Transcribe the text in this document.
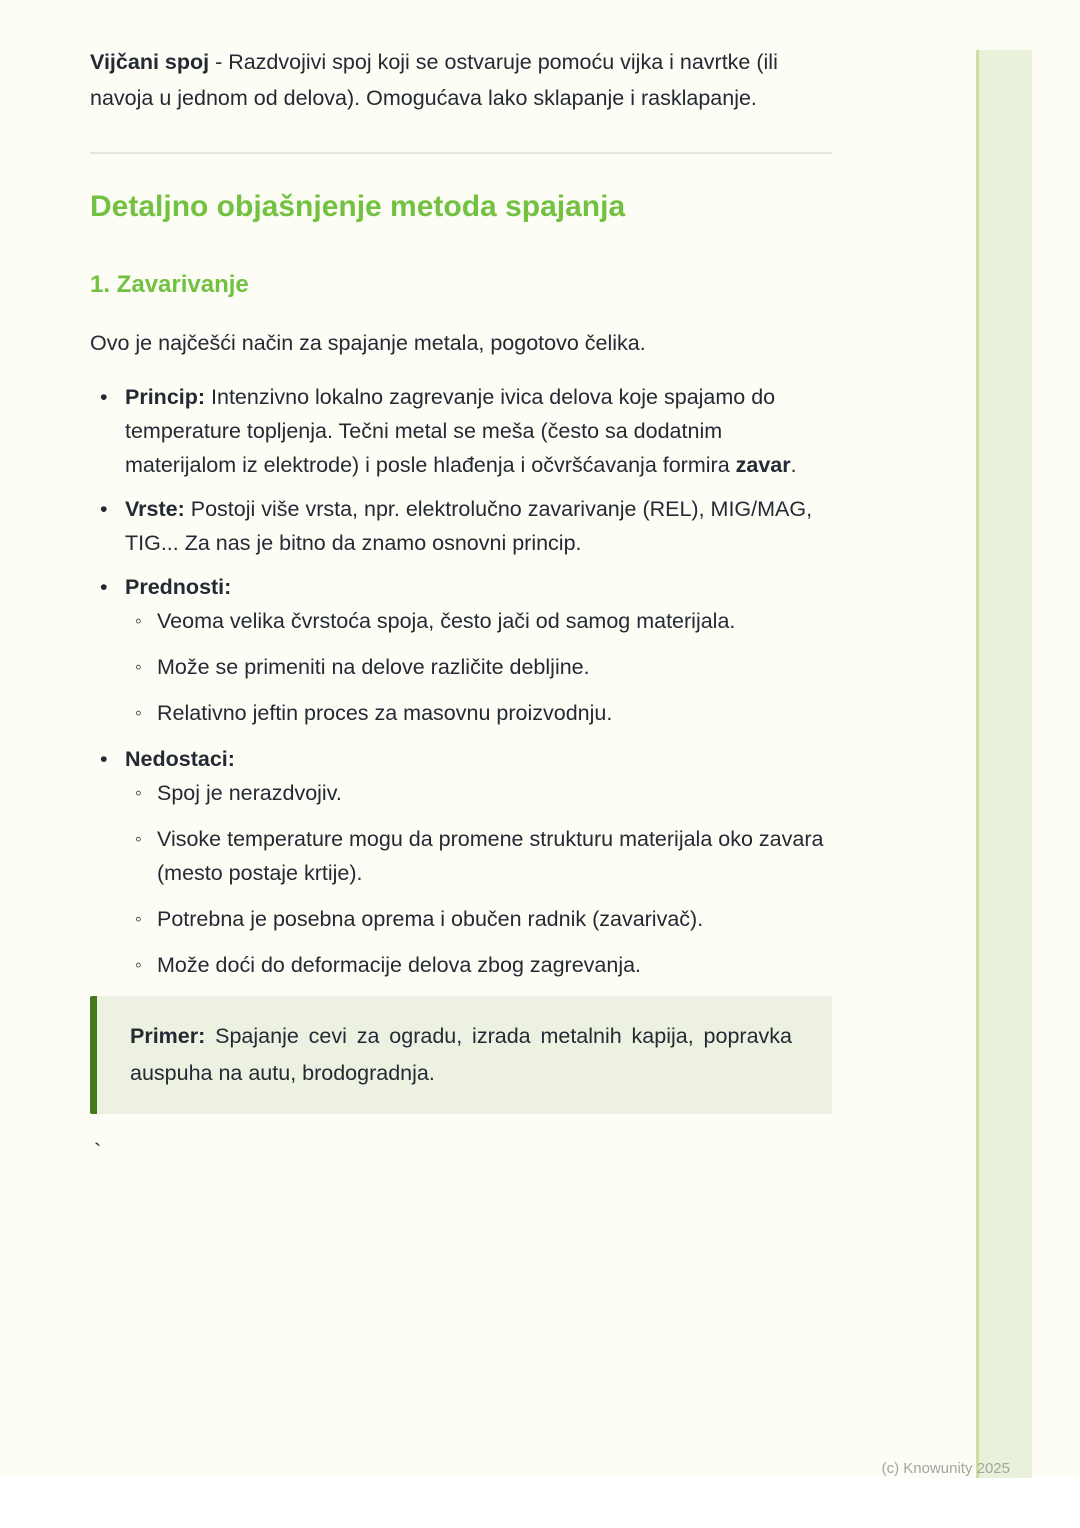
Vijčani spoj - Razdvojivi spoj koji se ostvaruje pomoću vijka i navrtke (ili navoja u jednom od delova). Omogućava lako sklapanje i rasklapanje.

Detaljno objašnjenje metoda spajanja
1. Zavarivanje

Ovo je najčešći način za spajanje metala, pogotovo čelika.

• Princip: Intenzivno lokalno zagrevanje ivica delova koje spajamo do temperature topljenja. Tečni metal se meša (često sa dodatnim materijalom iz elektrode) i posle hlađenja i očvršćavanja formira zavar.
• Vrste: Postoji više vrsta, npr. elektrolučno zavarivanje (REL), MIG/MAG, TIG... Za nas je bitno da znamo osnovni princip.
• Prednosti:
◦ Veoma velika čvrstoća spoja, često jači od samog materijala.
◦ Može se primeniti na delove različite debljine.
◦ Relativno jeftin proces za masovnu proizvodnju.
• Nedostaci:
◦ Spoj je nerazdvojiv.
◦ Visoke temperature mogu da promene strukturu materijala oko zavara (mesto postaje krtije).
◦ Potrebna je posebna oprema i obučen radnik (zavarivač).
◦ Može doći do deformacije delova zbog zagrevanja.
Primer: Spajanje cevi za ogradu, izrada metalnih kapija, popravka auspuha na autu, brodogradnja.

`

(c) Knowunity 2025
